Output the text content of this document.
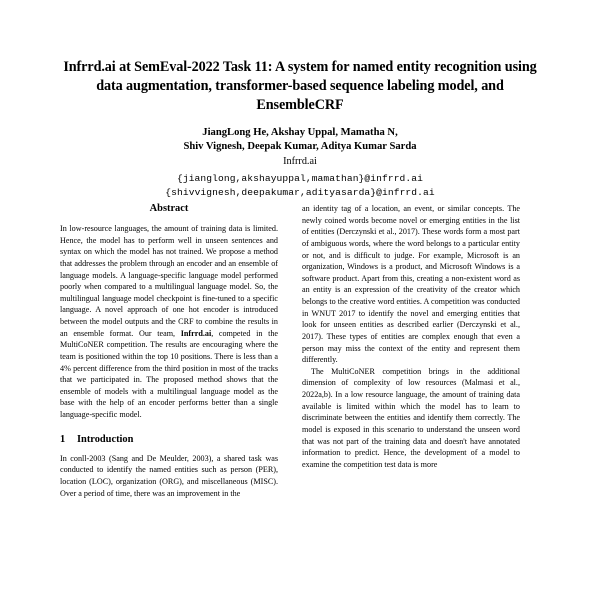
Infrrd.ai at SemEval-2022 Task 11: A system for named entity recognition using data augmentation, transformer-based sequence labeling model, and EnsembleCRF
JiangLong He, Akshay Uppal, Mamatha N,
Shiv Vignesh, Deepak Kumar, Aditya Kumar Sarda
Infrrd.ai
{jianglong,akshayuppal,mamathan}@infrrd.ai
{shivvignesh,deepakumar,adityasarda}@infrrd.ai
Abstract

In low-resource languages, the amount of training data is limited. Hence, the model has to perform well in unseen sentences and syntax on which the model has not trained. We propose a method that addresses the problem through an encoder and an ensemble of language models. A language-specific language model performed poorly when compared to a multilingual language model. So, the multilingual language model checkpoint is fine-tuned to a specific language. A novel approach of one hot encoder is introduced between the model outputs and the CRF to combine the results in an ensemble format. Our team, Infrrd.ai, competed in the MultiCoNER competition. The results are encouraging where the team is positioned within the top 10 positions. There is less than a 4% percent difference from the third position in most of the tracks that we participated in. The proposed method shows that the ensemble of models with a multilingual language model as the base with the help of an encoder performs better than a single language-specific model.

1 Introduction

In conll-2003 (Sang and De Meulder, 2003), a shared task was conducted to identify the named entities such as person (PER), location (LOC), organization (ORG), and miscellaneous (MISC). Over a period of time, there was an improvement in the

an identity tag of a location, an event, or similar concepts. The newly coined words become novel or emerging entities in the list of entities (Derczynski et al., 2017). These words form a most part of ambiguous words, where the word belongs to a particular entity or not, and is difficult to judge. For example, Microsoft is an organization, Windows is a product, and Microsoft Windows is a software product. Apart from this, creating a non-existent word as an entity is an expression of the creativity of the creator which belongs to the creative word entities. A competition was conducted in WNUT 2017 to identify the novel and emerging entities that look for unseen entities as described earlier (Derczynski et al., 2017). These types of entities are complex enough that even a person may miss the context of the entity and represent them differently.

The MultiCoNER competition brings in the additional dimension of complexity of low resources (Malmasi et al., 2022a,b). In a low resource language, the amount of training data available is limited within which the model has to learn to discriminate between the entities and identify them correctly. The model is exposed in this scenario to understand the unseen word that was not part of the training data and doesn't have annotated information to predict. Hence, the development of a model to examine the competition test data is more
